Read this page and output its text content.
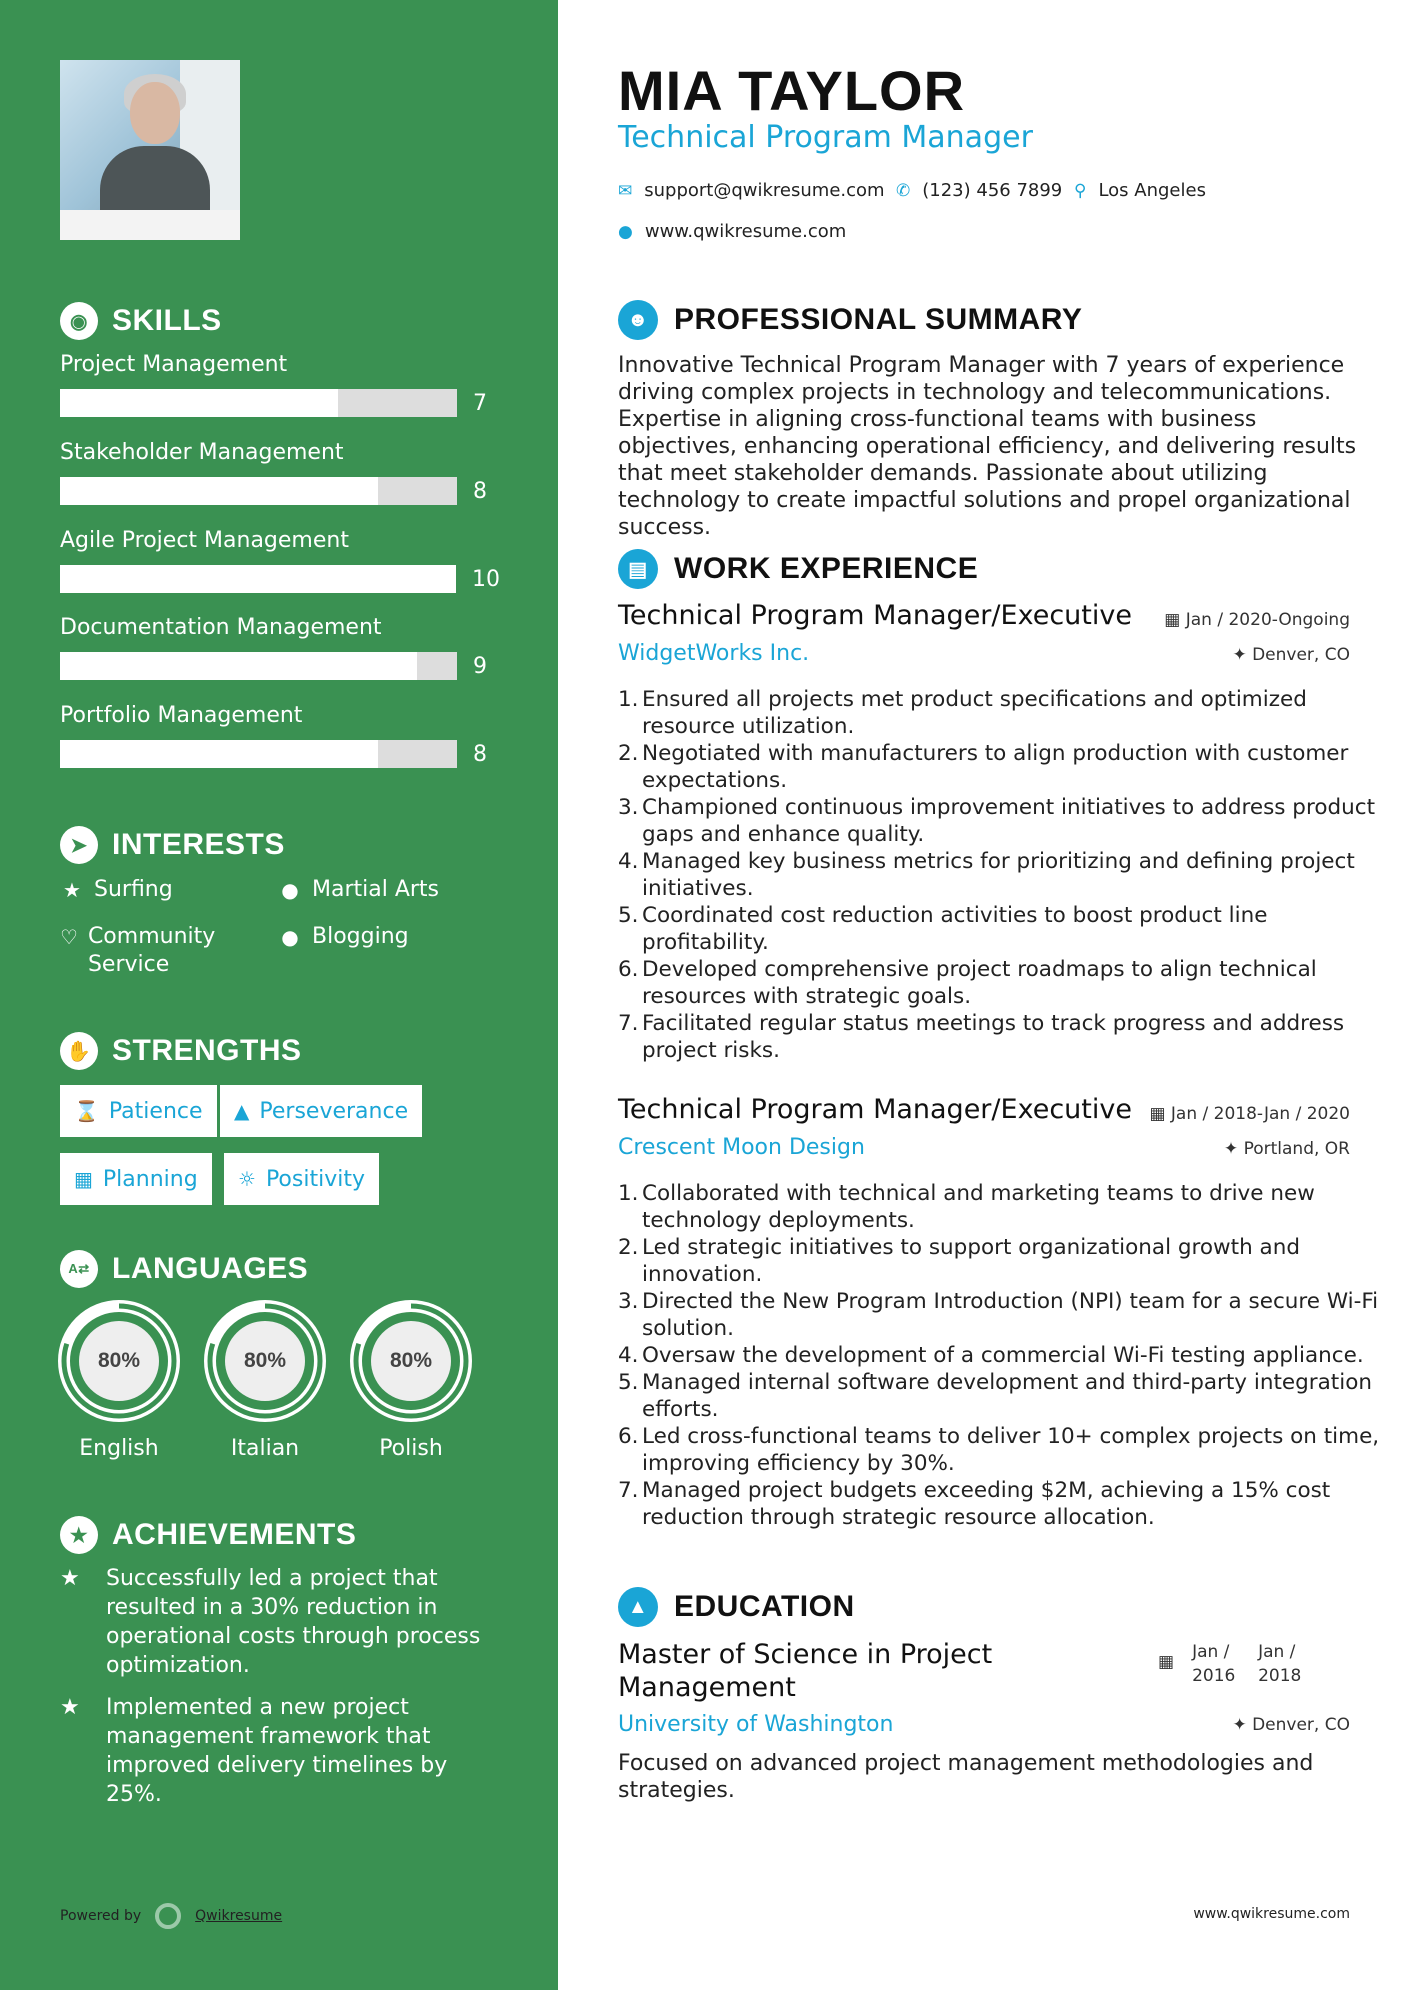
◉ SKILLS
Project Management
7
Stakeholder Management
8
Agile Project Management
10
Documentation Management
9
Portfolio Management
8
➤ INTERESTS
★ Surfing	● Martial Arts
♡ Community Service
● Blogging
✋ STRENGTHS
⌛ Patience ▲ Perseverance
▦ Planning ☼ Positivity
A⇄ LANGUAGES
80%
English
80%
Italian
80%
Polish
★ ACHIEVEMENTS
★	Successfully led a project that resulted in a 30% reduction in operational costs through process optimization.
★	Implemented a new project management framework that improved delivery timelines by 25%.
Powered by	Qwikresume
MIA TAYLOR
Technical Program Manager
✉ support@qwikresume.com ✆ (123) 456 7899 ⚲ Los Angeles
● www.qwikresume.com
☻ PROFESSIONAL SUMMARY
Innovative Technical Program Manager with 7 years of experience driving complex projects in technology and telecommunications. Expertise in aligning cross-functional teams with business objectives, enhancing operational efficiency, and delivering results that meet stakeholder demands. Passionate about utilizing technology to create impactful solutions and propel organizational success.
▤ WORK EXPERIENCE
Technical Program Manager/Executive ▦ Jan / 2020-Ongoing
WidgetWorks Inc.	✦ Denver, CO
1. Ensured all projects met product specifications and optimized resource utilization.
2. Negotiated with manufacturers to align production with customer expectations.
3. Championed continuous improvement initiatives to address product gaps and enhance quality.
4. Managed key business metrics for prioritizing and defining project initiatives.
5. Coordinated cost reduction activities to boost product line profitability.
6. Developed comprehensive project roadmaps to align technical resources with strategic goals.
7. Facilitated regular status meetings to track progress and address project risks.
Technical Program Manager/Executive ▦ Jan / 2018-Jan / 2020
Crescent Moon Design	✦ Portland, OR
1. Collaborated with technical and marketing teams to drive new technology deployments.
2. Led strategic initiatives to support organizational growth and innovation.
3. Directed the New Program Introduction (NPI) team for a secure Wi-Fi solution.
4. Oversaw the development of a commercial Wi-Fi testing appliance.
5. Managed internal software development and third-party integration efforts.
6. Led cross-functional teams to deliver 10+ complex projects on time, improving efficiency by 30%.
7. Managed project budgets exceeding $2M, achieving a 15% cost reduction through strategic resource allocation.
▲ EDUCATION
Master of Science in Project Management
▦ Jan / 2016
Jan / 2018
University of Washington	✦ Denver, CO
Focused on advanced project management methodologies and strategies.
www.qwikresume.com
